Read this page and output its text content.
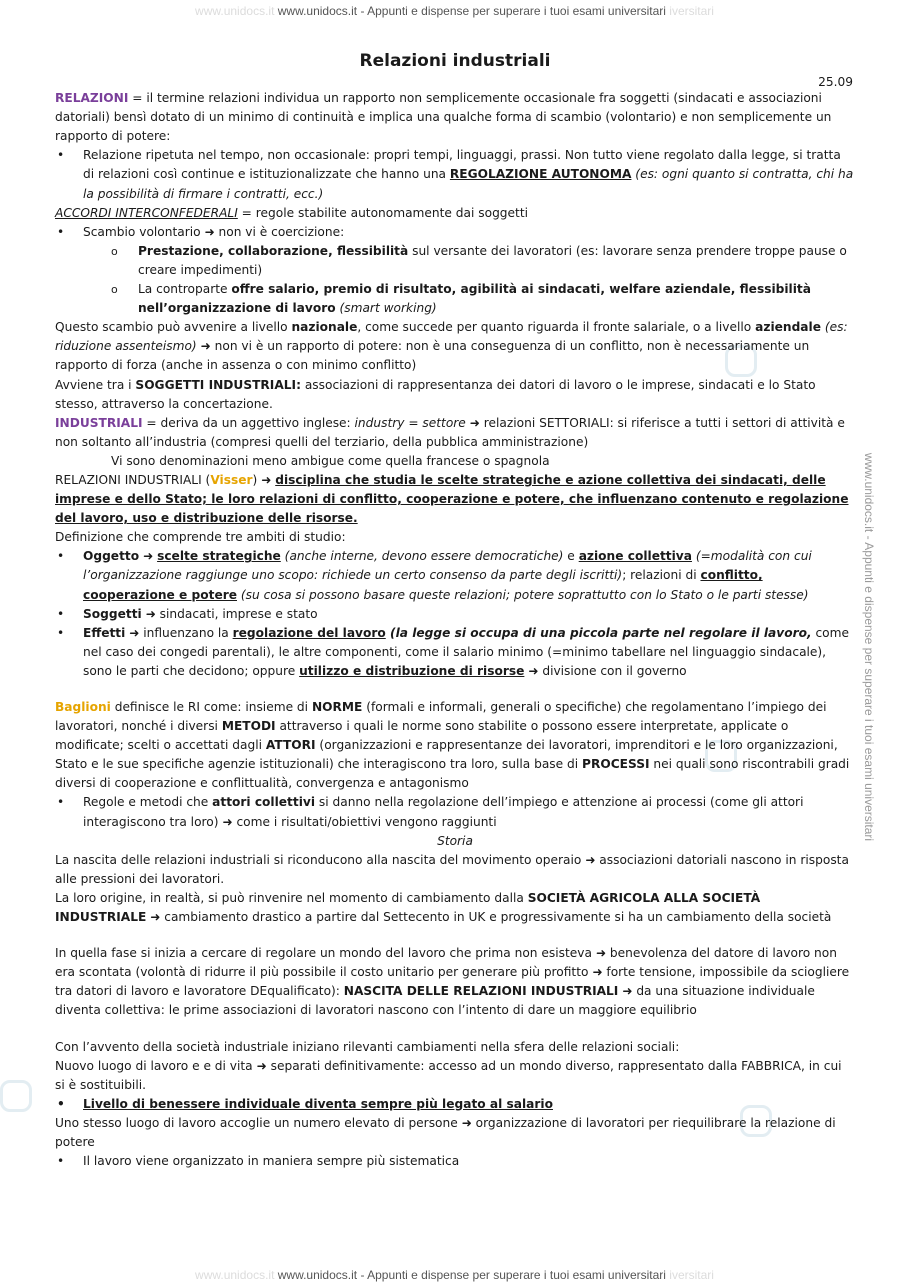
www.unidocs.it www.unidocs.it - Appunti e dispense per superare i tuoi esami universitari iversitari
www.unidocs.it - Appunti e dispense per superare i tuoi esami universitari
Relazioni industriali
25.09

RELAZIONI = il termine relazioni individua un rapporto non semplicemente occasionale fra soggetti (sindacati e associazioni datoriali) bensì dotato di un minimo di continuità e implica una qualche forma di scambio (volontario) e non semplicemente un rapporto di potere:

• Relazione ripetuta nel tempo, non occasionale: propri tempi, linguaggi, prassi. Non tutto viene regolato dalla legge, si tratta di relazioni così continue e istituzionalizzate che hanno una REGOLAZIONE AUTONOMA (es: ogni quanto si contratta, chi ha la possibilità di firmare i contratti, ecc.)

ACCORDI INTERCONFEDERALI = regole stabilite autonomamente dai soggetti

• Scambio volontario ➜ non vi è coercizione:
o Prestazione, collaborazione, flessibilità sul versante dei lavoratori (es: lavorare senza prendere troppe pause o creare impedimenti)
o La controparte offre salario, premio di risultato, agibilità ai sindacati, welfare aziendale, flessibilità nell’organizzazione di lavoro (smart working)

Questo scambio può avvenire a livello nazionale, come succede per quanto riguarda il fronte salariale, o a livello aziendale (es: riduzione assenteismo) ➜ non vi è un rapporto di potere: non è una conseguenza di un conflitto, non è necessariamente un rapporto di forza (anche in assenza o con minimo conflitto)

Avviene tra i SOGGETTI INDUSTRIALI: associazioni di rappresentanza dei datori di lavoro o le imprese, sindacati e lo Stato stesso, attraverso la concertazione.

INDUSTRIALI = deriva da un aggettivo inglese: industry = settore ➜ relazioni SETTORIALI: si riferisce a tutti i settori di attività e non soltanto all’industria (compresi quelli del terziario, della pubblica amministrazione)

Vi sono denominazioni meno ambigue come quella francese o spagnola

RELAZIONI INDUSTRIALI (Visser) ➜ disciplina che studia le scelte strategiche e azione collettiva dei sindacati, delle imprese e dello Stato; le loro relazioni di conflitto, cooperazione e potere, che influenzano contenuto e regolazione del lavoro, uso e distribuzione delle risorse.

Definizione che comprende tre ambiti di studio:

• Oggetto ➜ scelte strategiche (anche interne, devono essere democratiche) e azione collettiva (=modalità con cui l’organizzazione raggiunge uno scopo: richiede un certo consenso da parte degli iscritti); relazioni di conflitto, cooperazione e potere (su cosa si possono basare queste relazioni; potere soprattutto con lo Stato o le parti stesse)
• Soggetti ➜ sindacati, imprese e stato
• Effetti ➜ influenzano la regolazione del lavoro (la legge si occupa di una piccola parte nel regolare il lavoro, come nel caso dei congedi parentali), le altre componenti, come il salario minimo (=minimo tabellare nel linguaggio sindacale), sono le parti che decidono; oppure utilizzo e distribuzione di risorse ➜ divisione con il governo

Baglioni definisce le RI come: insieme di NORME (formali e informali, generali o specifiche) che regolamentano l’impiego dei lavoratori, nonché i diversi METODI attraverso i quali le norme sono stabilite o possono essere interpretate, applicate o modificate; scelti o accettati dagli ATTORI (organizzazioni e rappresentanze dei lavoratori, imprenditori e le loro organizzazioni, Stato e le sue specifiche agenzie istituzionali) che interagiscono tra loro, sulla base di PROCESSI nei quali sono riscontrabili gradi diversi di cooperazione e conflittualità, convergenza e antagonismo

• Regole e metodi che attori collettivi si danno nella regolazione dell’impiego e attenzione ai processi (come gli attori interagiscono tra loro) ➜ come i risultati/obiettivi vengono raggiunti

Storia

La nascita delle relazioni industriali si riconducono alla nascita del movimento operaio ➜ associazioni datoriali nascono in risposta alle pressioni dei lavoratori.

La loro origine, in realtà, si può rinvenire nel momento di cambiamento dalla SOCIETÀ AGRICOLA ALLA SOCIETÀ INDUSTRIALE ➜ cambiamento drastico a partire dal Settecento in UK e progressivamente si ha un cambiamento della società

In quella fase si inizia a cercare di regolare un mondo del lavoro che prima non esisteva ➜ benevolenza del datore di lavoro non era scontata (volontà di ridurre il più possibile il costo unitario per generare più profitto ➜ forte tensione, impossibile da sciogliere tra datori di lavoro e lavoratore DEqualificato): NASCITA DELLE RELAZIONI INDUSTRIALI ➜ da una situazione individuale diventa collettiva: le prime associazioni di lavoratori nascono con l’intento di dare un maggiore equilibrio

Con l’avvento della società industriale iniziano rilevanti cambiamenti nella sfera delle relazioni sociali:

Nuovo luogo di lavoro e e di vita ➜ separati definitivamente: accesso ad un mondo diverso, rappresentato dalla FABBRICA, in cui si è sostituibili.

• Livello di benessere individuale diventa sempre più legato al salario

Uno stesso luogo di lavoro accoglie un numero elevato di persone ➜ organizzazione di lavoratori per riequilibrare la relazione di potere

• Il lavoro viene organizzato in maniera sempre più sistematica
www.unidocs.it www.unidocs.it - Appunti e dispense per superare i tuoi esami universitari iversitari
